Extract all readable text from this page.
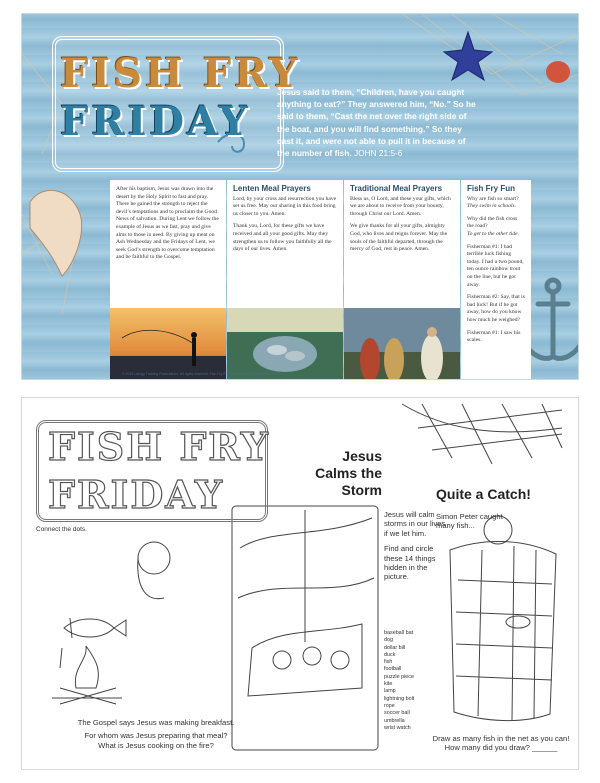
FISH FRY
FRIDAY
Jesus said to them, “Children, have you caught anything to eat?” They answered him, “No.” So he said to them, “Cast the net over the right side of the boat, and you will find something.” So they cast it, and were not able to pull it in because of the number of fish. JOHN 21:5-6
After his baptism, Jesus was drawn into the desert by the Holy Spirit to fast and pray. There he gained the strength to reject the devil’s temptations and to proclaim the Good News of salvation. During Lent we follow the example of Jesus as we fast, pray and give alms to those in need. By giving up meat on Ash Wednesday and the Fridays of Lent, we seek God’s strength to overcome temptation and be faithful to the Gospel.
Lenten Meal Prayers

Lord, by your cross and resurrection you have set us free. May our sharing in this food bring us closer to you. Amen.

Thank you, Lord, for these gifts we have received and all your good gifts. May they strengthen us to follow you faithfully all the days of our lives. Amen.

Traditional Meal Prayers

Bless us, O Lord, and these your gifts, which we are about to receive from your bounty, through Christ our Lord. Amen.

We give thanks for all your gifts, almighty God, who lives and reigns forever. May the souls of the faithful departed, through the mercy of God, rest in peace. Amen.

Fish Fry Fun

Why are fish so smart?
They swim in schools.

Why did the fish cross the road?
To get to the other tide.

Fisherman #1: I had terrible luck fishing today. I had a two pound, ten ounce rainbow trout on the line, but he got away.

Fisherman #2: Say, that is bad luck! But if he got away, how do you know how much he weighed?

Fisherman #1: I saw his scales.

© 2019 Liturgy Training Publications. All rights reserved. Fish Fry Friday placemat. Printed in the USA.
FISH FRY
FRIDAY
Connect the dots.
The Gospel says Jesus was making breakfast.
For whom was Jesus preparing that meal?
What is Jesus cooking on the fire?
Jesus
Calms the
Storm
Jesus will calm storms in our lives if we let him.
Find and circle these 14 things hidden in the picture.
baseball bat
dog
dollar bill
duck
fish
football
puzzle piece
kite
lamp
lightning bolt
rope
soccer ball
umbrella
wrist watch
Quite a Catch!
Simon Peter caught many fish...
Draw as many fish in the net as you can!
How many did you draw? ______
